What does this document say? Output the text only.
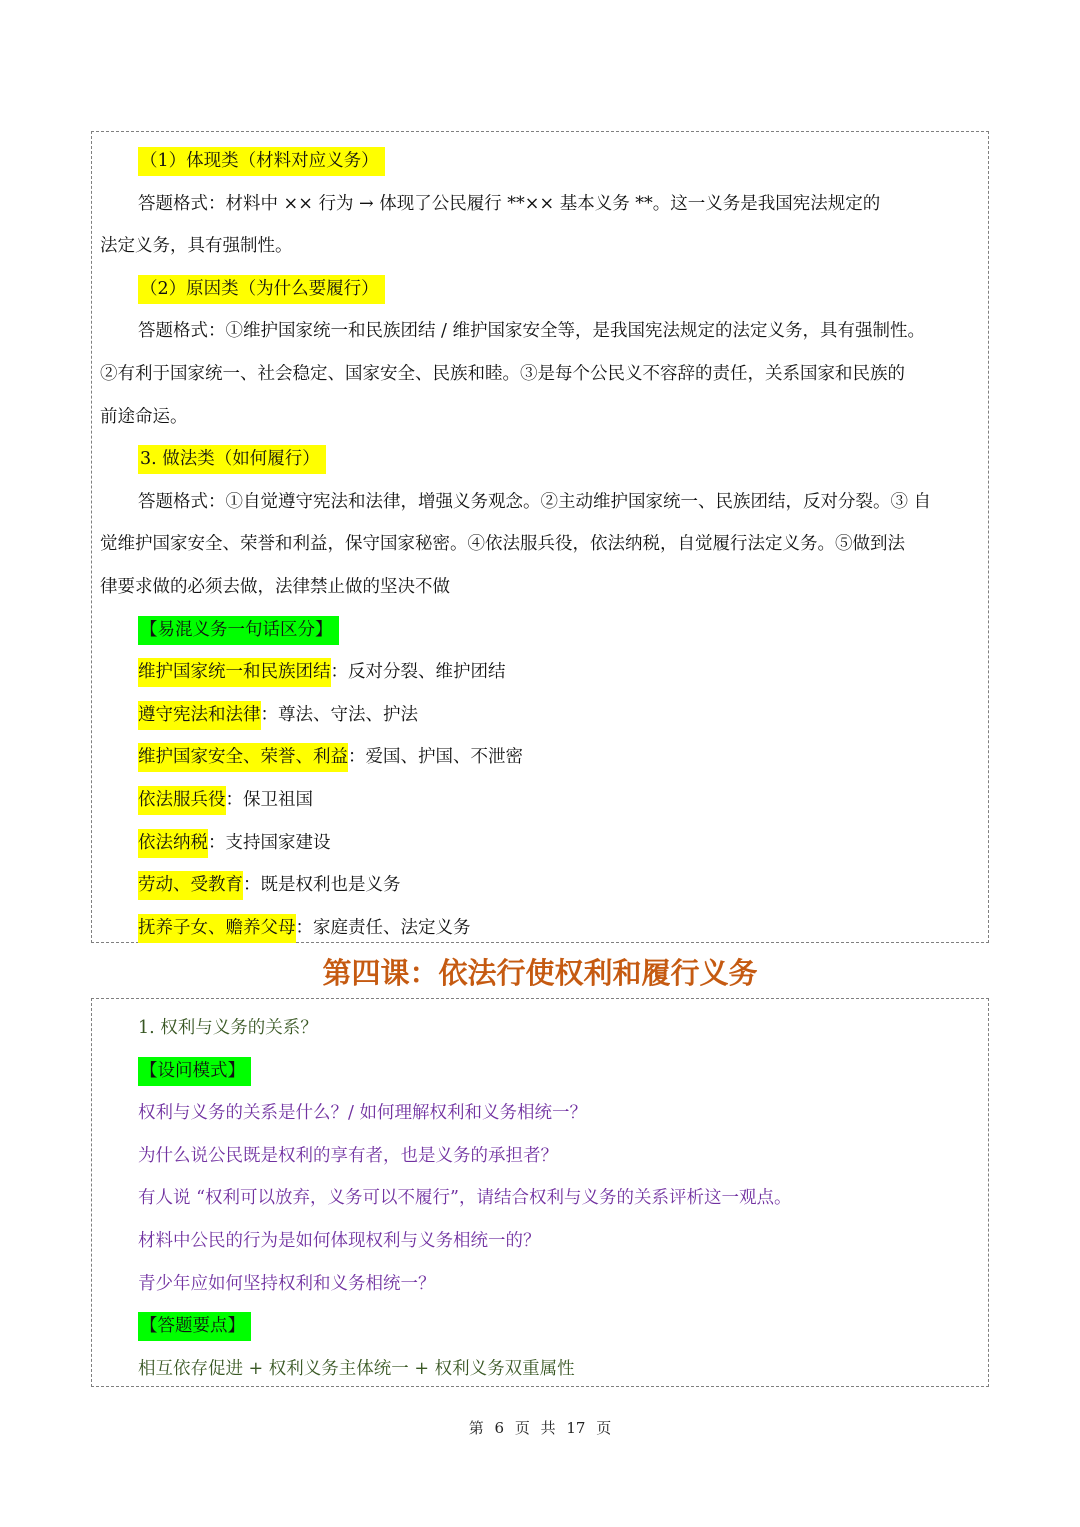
（1）体现类（材料对应义务）
答题格式：材料中 ×× 行为 → 体现了公民履行 **×× 基本义务 **。这一义务是我国宪法规定的
法定义务，具有强制性。
（2）原因类（为什么要履行）
答题格式：①维护国家统一和民族团结 / 维护国家安全等，是我国宪法规定的法定义务，具有强制性。
②有利于国家统一、社会稳定、国家安全、民族和睦。③是每个公民义不容辞的责任，关系国家和民族的
前途命运。
3. 做法类（如何履行）
答题格式：①自觉遵守宪法和法律，增强义务观念。②主动维护国家统一、民族团结，反对分裂。③ 自
觉维护国家安全、荣誉和利益，保守国家秘密。④依法服兵役，依法纳税，自觉履行法定义务。⑤做到法
律要求做的必须去做，法律禁止做的坚决不做
【易混义务一句话区分】
维护国家统一和民族团结：反对分裂、维护团结
遵守宪法和法律：尊法、守法、护法
维护国家安全、荣誉、利益：爱国、护国、不泄密
依法服兵役：保卫祖国
依法纳税：支持国家建设
劳动、受教育：既是权利也是义务
抚养子女、赡养父母：家庭责任、法定义务
第四课：依法行使权利和履行义务
1. 权利与义务的关系？
【设问模式】
权利与义务的关系是什么？/ 如何理解权利和义务相统一？
为什么说公民既是权利的享有者，也是义务的承担者？
有人说 “权利可以放弃，义务可以不履行”，请结合权利与义务的关系评析这一观点。
材料中公民的行为是如何体现权利与义务相统一的？
青少年应如何坚持权利和义务相统一？
【答题要点】
相互依存促进 + 权利义务主体统一 + 权利义务双重属性
第 6 页 共 17 页
